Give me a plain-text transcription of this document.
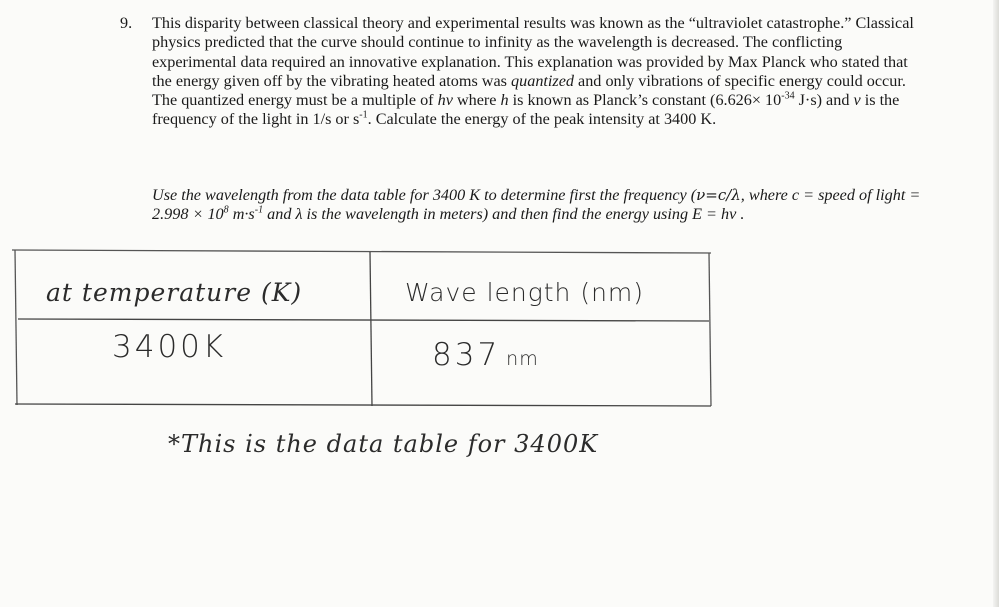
9. This disparity between classical theory and experimental results was known as the “ultraviolet catastrophe.” Classical physics predicted that the curve should continue to infinity as the wavelength is decreased. The conflicting experimental data required an innovative explanation. This explanation was provided by Max Planck who stated that the energy given off by the vibrating heated atoms was quantized and only vibrations of specific energy could occur. The quantized energy must be a multiple of hν where h is known as Planck’s constant ($6.626\times 10^{-34}$ J·s) and ν is the frequency of the light in 1/s or $s^{-1}$. Calculate the energy of the peak intensity at 3400 K.
Use the wavelength from the data table for 3400 K to determine first the frequency (ν=c/λ, where c = speed of light = $2.998 \times 10^8$ $m\cdot s^{-1}$ and λ is the wavelength in meters) and then find the energy using E = hν .
at temperature (K)	Wave length (nm)
3400K	837 nm
*This is the data table for 3400K
